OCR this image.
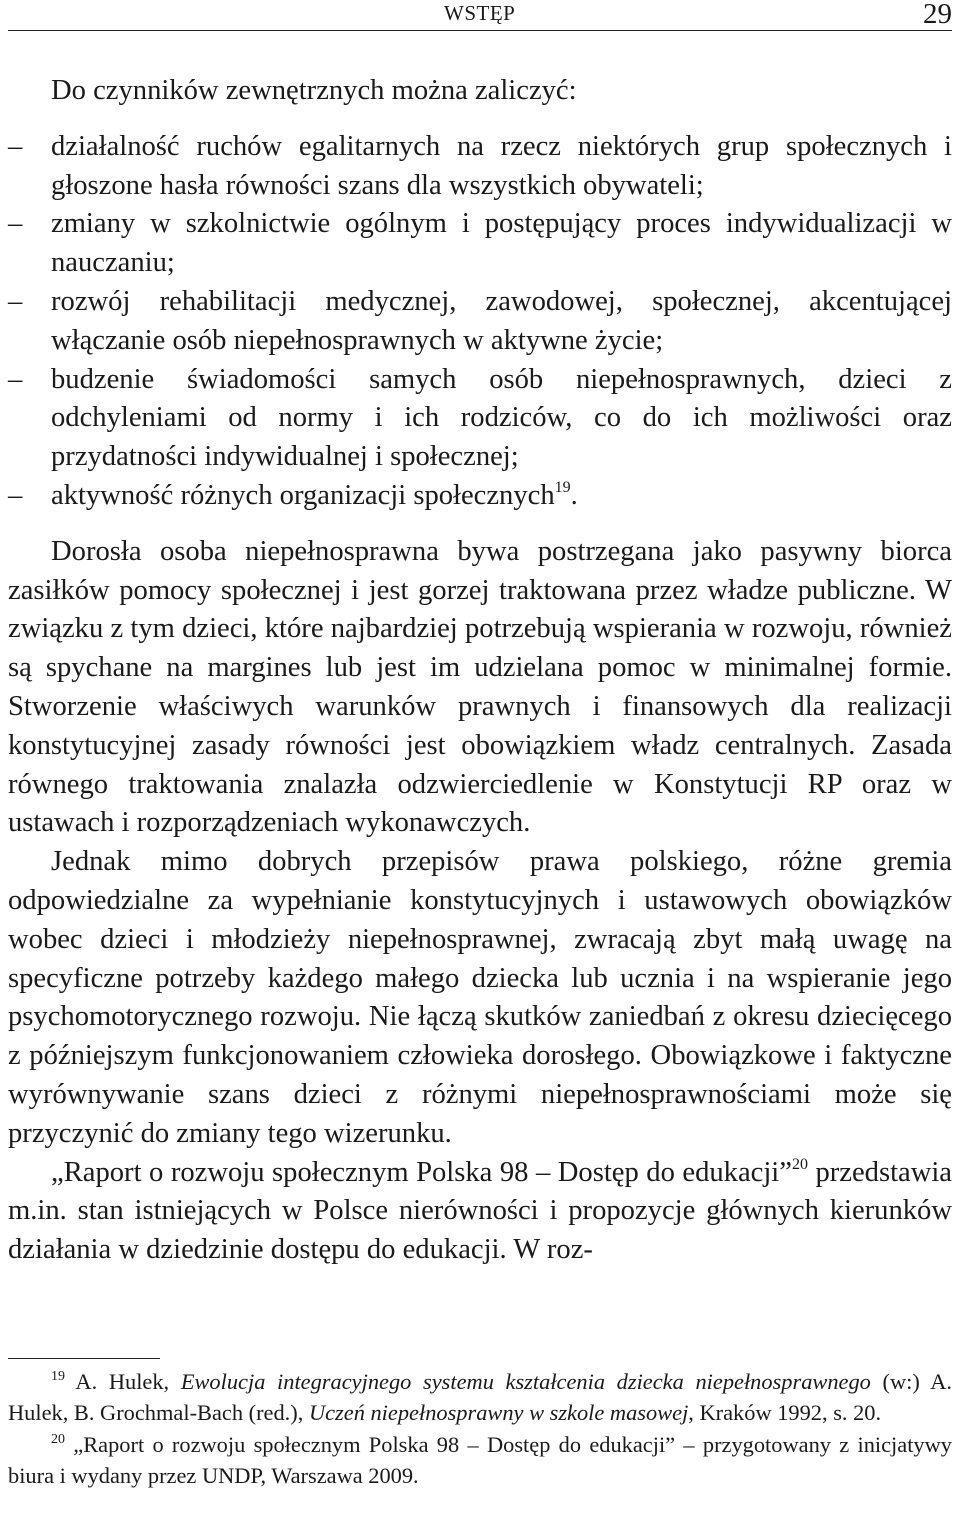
WSTĘP	29

Do czynników zewnętrznych można zaliczyć:

– działalność ruchów egalitarnych na rzecz niektórych grup społecznych i głoszone hasła równości szans dla wszystkich obywateli;
– zmiany w szkolnictwie ogólnym i postępujący proces indywidualizacji w nauczaniu;
– rozwój rehabilitacji medycznej, zawodowej, społecznej, akcentującej włączanie osób niepełnosprawnych w aktywne życie;
– budzenie świadomości samych osób niepełnosprawnych, dzieci z odchyleniami od normy i ich rodziców, co do ich możliwości oraz przydatności indywidualnej i społecznej;
– aktywność różnych organizacji społecznych$^{19}$.

Dorosła osoba niepełnosprawna bywa postrzegana jako pasywny biorca zasiłków pomocy społecznej i jest gorzej traktowana przez władze publiczne. W związku z tym dzieci, które najbardziej potrzebują wspierania w rozwoju, również są spychane na margines lub jest im udzielana pomoc w minimalnej formie. Stworzenie właściwych warunków prawnych i finansowych dla realizacji konstytucyjnej zasady równości jest obowiązkiem władz centralnych. Zasada równego traktowania znalazła odzwierciedlenie w Konstytucji RP oraz w ustawach i rozporządzeniach wykonawczych.

Jednak mimo dobrych przepisów prawa polskiego, różne gremia odpowiedzialne za wypełnianie konstytucyjnych i ustawowych obowiązków wobec dzieci i młodzieży niepełnosprawnej, zwracają zbyt małą uwagę na specyficzne potrzeby każdego małego dziecka lub ucznia i na wspieranie jego psychomotorycznego rozwoju. Nie łączą skutków zaniedbań z okresu dziecięcego z późniejszym funkcjonowaniem człowieka dorosłego. Obowiązkowe i faktyczne wyrównywanie szans dzieci z różnymi niepełnosprawnościami może się przyczynić do zmiany tego wizerunku.

„Raport o rozwoju społecznym Polska 98 – Dostęp do edukacji”$^{20}$ przedstawia m.in. stan istniejących w Polsce nierówności i propozycje głównych kierunków działania w dziedzinie dostępu do edukacji. W roz-

$^{19}$ A. Hulek, Ewolucja integracyjnego systemu kształcenia dziecka niepełnosprawnego (w:) A. Hulek, B. Grochmal-Bach (red.), Uczeń niepełnosprawny w szkole masowej, Kraków 1992, s. 20.

$^{20}$ „Raport o rozwoju społecznym Polska 98 – Dostęp do edukacji” – przygotowany z inicjatywy biura i wydany przez UNDP, Warszawa 2009.
